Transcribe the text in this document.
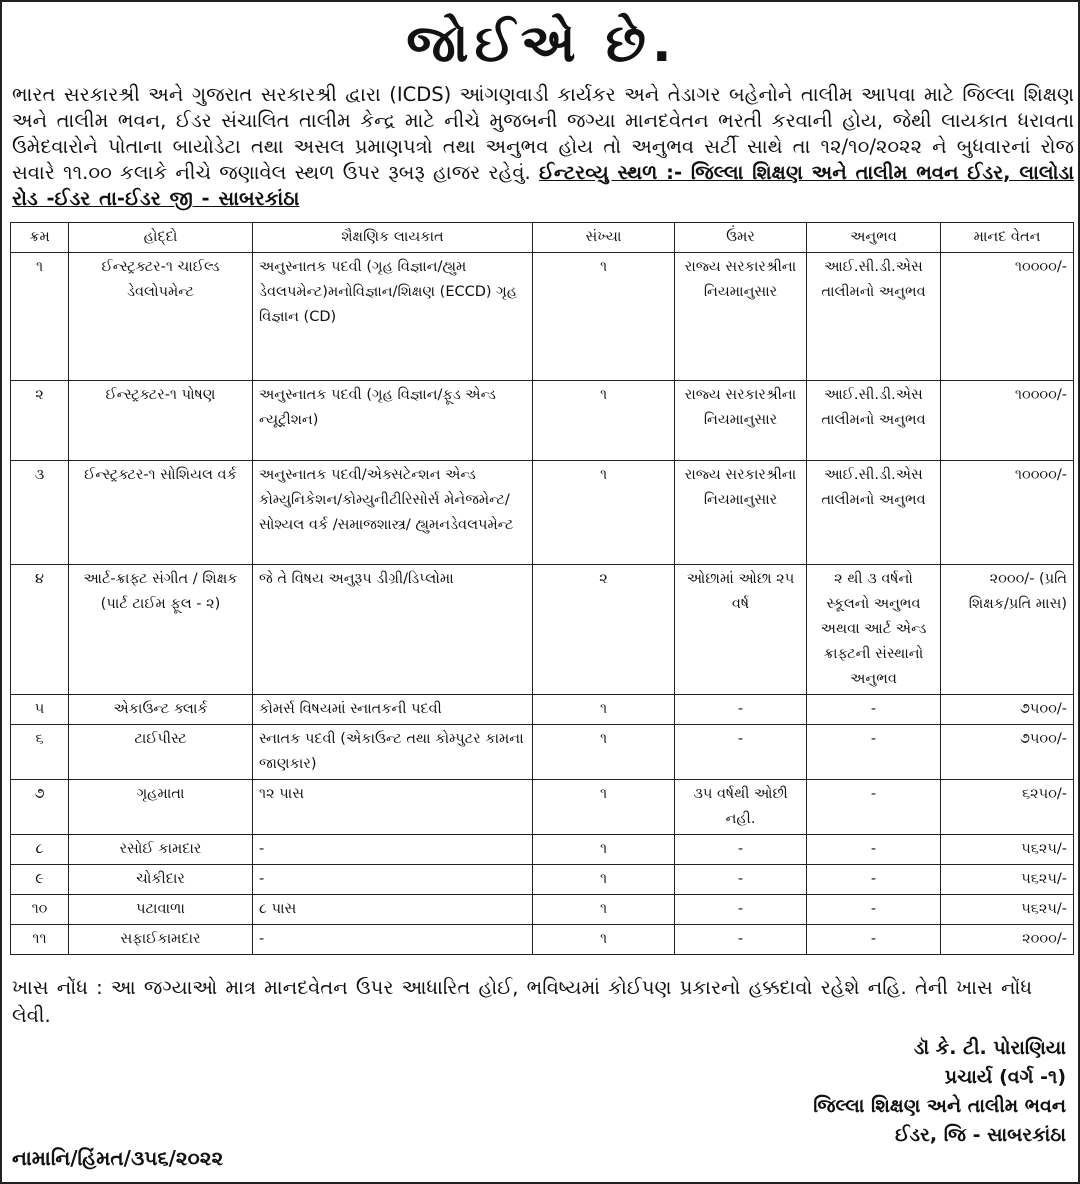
જોઈએ છે.
ભારત સરકારશ્રી અને ગુજરાત સરકારશ્રી દ્વારા (ICDS) આંગણવાડી કાર્યકર અને તેડાગર બહેનોને તાલીમ આપવા માટે જિલ્લા શિક્ષણ અને તાલીમ ભવન, ઈડર સંચાલિત તાલીમ કેન્દ્ર માટે નીચે મુજબની જગ્યા માનદવેતન ભરતી કરવાની હોય, જેથી લાયકાત ધરાવતા ઉમેદવારોને પોતાના બાયોડેટા તથા અસલ પ્રમાણપત્રો તથા અનુભવ હોય તો અનુભવ સર્ટી સાથે તા ૧૨/૧૦/૨૦૨૨ ને બુધવારનાં રોજ સવારે ૧૧.૦૦ કલાકે નીચે જણાવેલ સ્થળ ઉપર રૂબરૂ હાજર રહેવું. ઈન્ટરવ્યુ સ્થળ :- જિલ્લા શિક્ષણ અને તાલીમ ભવન ઈડર, લાલોડા રોડ -ઈડર તા-ઈડર જી - સાબરકાંઠા
ક્રમ	હોદ્દો	શૈક્ષણિક લાયકાત	સંખ્યા	ઉંમર	અનુભવ	માનદ વેતન
૧	ઈન્સ્ટ્રક્ટર-૧ ચાઈલ્ડ ડેવલોપમેન્ટ	અનુસ્નાતક પદવી (ગૃહ વિજ્ઞાન/હ્યુમ ડેવલપમેન્ટ)મનોવિજ્ઞાન/શિક્ષણ (ECCD) ગૃહ વિજ્ઞાન (CD)	૧	રાજ્ય સરકારશ્રીના નિયમાનુસાર	આઈ.સી.ડી.એસ તાલીમનો અનુભવ	૧૦૦૦૦/-
૨	ઈન્સ્ટ્રક્ટર-૧ પોષણ	અનુસ્નાતક પદવી (ગૃહ વિજ્ઞાન/ફૂડ એન્ડ ન્યૂટ્રીશન)	૧	રાજ્ય સરકારશ્રીના નિયમાનુસાર	આઈ.સી.ડી.એસ તાલીમનો અનુભવ	૧૦૦૦૦/-
૩	ઈન્સ્ટ્રક્ટર-૧ સોશિયલ વર્ક	અનુસ્નાતક પદવી/એક્સટેન્શન એન્ડ કોમ્યુનિકેશન/કોમ્યુનીટીરિસોર્સ મેનેજમેન્ટ/સોશ્યલ વર્ક /સમાજશાસ્ત્ર/ હ્યુમનડેવલપમેન્ટ	૧	રાજ્ય સરકારશ્રીના નિયમાનુસાર	આઈ.સી.ડી.એસ તાલીમનો અનુભવ	૧૦૦૦૦/-
૪	આર્ટ-ક્રાફ્ટ સંગીત / શિક્ષક (પાર્ટ ટાઈમ ફૂલ - ૨)	જે તે વિષય અનુરૂપ ડીગ્રી/ડિપ્લોમા	૨	ઓછામાં ઓછા ૨૫ વર્ષ	૨ થી ૩ વર્ષનો સ્કૂલનો અનુભવ અથવા આર્ટ એન્ડ ક્રાફ્ટની સંસ્થાનો અનુભવ	૨૦૦૦/- (પ્રતિ શિક્ષક/પ્રતિ માસ)
૫	એકાઉન્ટ ક્લાર્ક	કોમર્સ વિષયમાં સ્નાતકની પદવી	૧	-	-	૭૫૦૦/-
૬	ટાઈપીસ્ટ	સ્નાતક પદવી (એકાઉન્ટ તથા કોમ્પુટર કામના જાણકાર)	૧	-	-	૭૫૦૦/-
૭	ગૃહમાતા	૧૨ પાસ	૧	૩૫ વર્ષથી ઓછી નહી.	-	૬૨૫૦/-
૮	રસોઈ કામદાર	-	૧	-	-	૫૬૨૫/-
૯	ચોકીદાર	-	૧	-	-	૫૬૨૫/-
૧૦	પટાવાળા	૮ પાસ	૧	-	-	૫૬૨૫/-
૧૧	સફાઈકામદાર	-	૧	-	-	૨૦૦૦/-
ખાસ નોંધ : આ જગ્યાઓ માત્ર માનદવેતન ઉપર આધારિત હોઈ, ભવિષ્યમાં કોઈપણ પ્રકારનો હક્કદાવો રહેશે નહિ. તેની ખાસ નોંધ લેવી.
ડૉ કે. ટી. પોરાણિયા
પ્રચાર્ય (વર્ગ -૧)
જિલ્લા શિક્ષણ અને તાલીમ ભવન
ઈડર, જિ - સાબરકાંઠા
નામાનિ/હિંમત/૩૫૬/૨૦૨૨
